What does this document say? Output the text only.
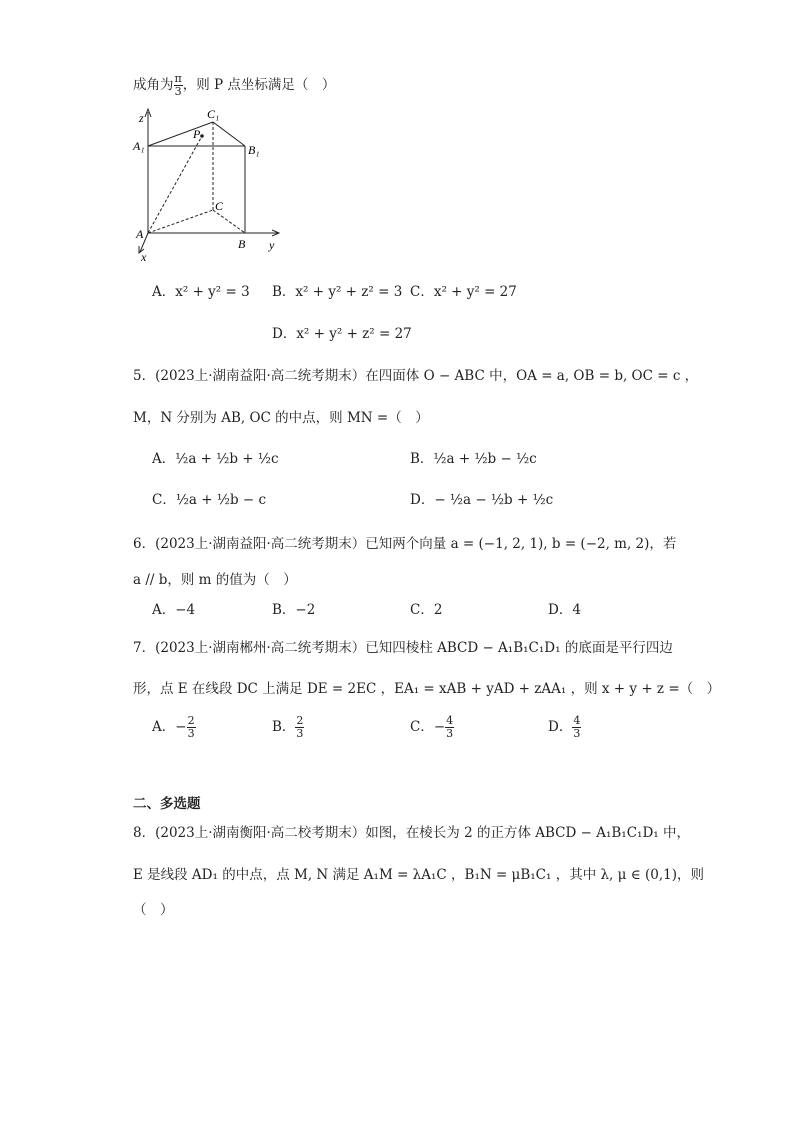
成角为 $\frac{\pi}{3}$ ，则 P 点坐标满足（　）
z
A₁
C₁
P
B₁
C
A
B y
x
A．x² + y² = 3 B．x² + y² + z² = 3 C．x² + y² = 27
D．x² + y² + z² = 27
5．(2023上·湖南益阳·高二统考期末）在四面体 O − ABC 中，OA = a, OB = b, OC = c ，
M，N 分别为 AB, OC 的中点，则 MN =（　）
A．½a + ½b + ½c	B．½a + ½b − ½c
C．½a + ½b − c	D．− ½a − ½b + ½c
6．(2023上·湖南益阳·高二统考期末）已知两个向量 a = (−1, 2, 1), b = (−2, m, 2)，若
a // b，则 m 的值为（　）
A．−4	B．−2	C．2	D．4
7．(2023上·湖南郴州·高二统考期末）已知四棱柱 ABCD − A₁B₁C₁D₁ 的底面是平行四边
形，点 E 在线段 DC 上满足 DE = 2EC ，EA₁ = xAB + yAD + zAA₁ ，则 x + y + z =（　）
A．− $\frac{2}{3}$	B． $\frac{2}{3}$	C．− $\frac{4}{3}$	D． $\frac{4}{3}$
二、多选题
8．(2023上·湖南衡阳·高二校考期末）如图，在棱长为 2 的正方体 ABCD − A₁B₁C₁D₁ 中，
E 是线段 AD₁ 的中点，点 M, N 满足 A₁M = λA₁C ，B₁N = μB₁C₁ ，其中 λ, μ ∈ (0,1)，则
（　）
